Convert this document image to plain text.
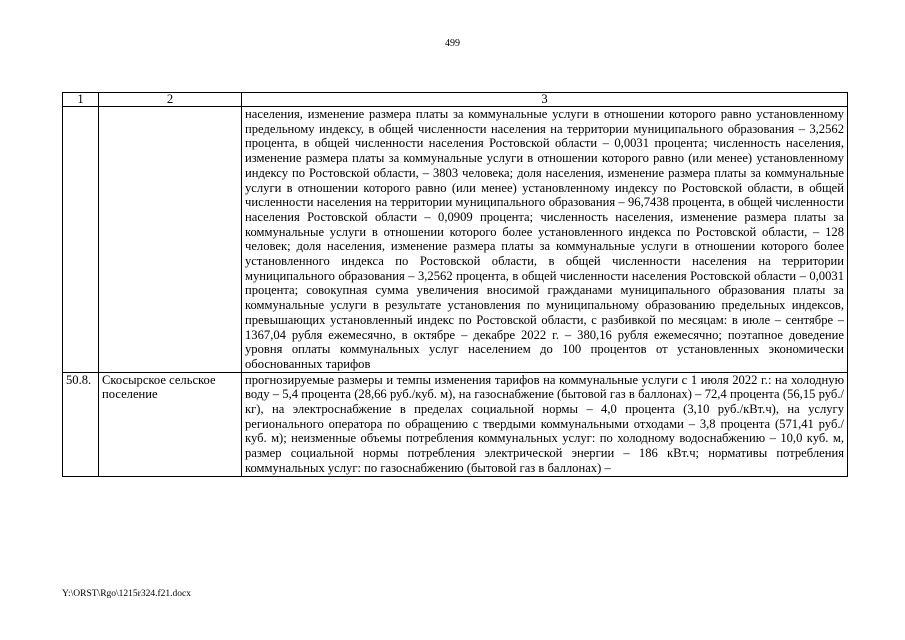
499
1	2	3
		населения, изменение размера платы за коммунальные услуги в отношении которого равно установленному предельному индексу, в общей численности населения на территории муниципального образования – 3,2562 процента, в общей численности населения Ростовской области – 0,0031 процента; численность населения, изменение размера платы за коммунальные услуги в отношении которого равно (или менее) установленному индексу по Ростовской области, – 3803 человека; доля населения, изменение размера платы за коммунальные услуги в отношении которого равно (или менее) установленному индексу по Ростовской области, в общей численности населения на территории муниципального образования – 96,7438 процента, в общей численности населения Ростовской области – 0,0909 процента; численность населения, изменение размера платы за коммунальные услуги в отношении которого более установленного индекса по Ростовской области, – 128 человек; доля населения, изменение размера платы за коммунальные услуги в отношении которого более установленного индекса по Ростовской области, в общей численности населения на территории муниципального образования – 3,2562 процента, в общей численности населения Ростовской области – 0,0031 процента; совокупная сумма увеличения вносимой гражданами муниципального образования платы за коммунальные услуги в результате установления по муниципальному образованию предельных индексов, превышающих установленный индекс по Ростовской области, с разбивкой по месяцам: в июле – сентябре – 1367,04 рубля ежемесячно, в октябре – декабре 2022 г. – 380,16 рубля ежемесячно; поэтапное доведение уровня оплаты коммунальных услуг населением до 100 процентов от установленных экономически обоснованных тарифов
50.8.	Скосырское сельское поселение	прогнозируемые размеры и темпы изменения тарифов на коммунальные услуги с 1 июля 2022 г.: на холодную воду – 5,4 процента (28,66 руб./куб. м), на газоснабжение (бытовой газ в баллонах) – 72,4 процента (56,15 руб./кг), на электроснабжение в пределах социальной нормы – 4,0 процента (3,10 руб./кВт.ч), на услугу регионального оператора по обращению с твердыми коммунальными отходами – 3,8 процента (571,41 руб./куб. м); неизменные объемы потребления коммунальных услуг: по холодному водоснабжению – 10,0 куб. м, размер социальной нормы потребления электрической энергии – 186 кВт.ч; нормативы потребления коммунальных услуг: по газоснабжению (бытовой газ в баллонах) –
Y:\ORST\Rgo\1215r324.f21.docx
